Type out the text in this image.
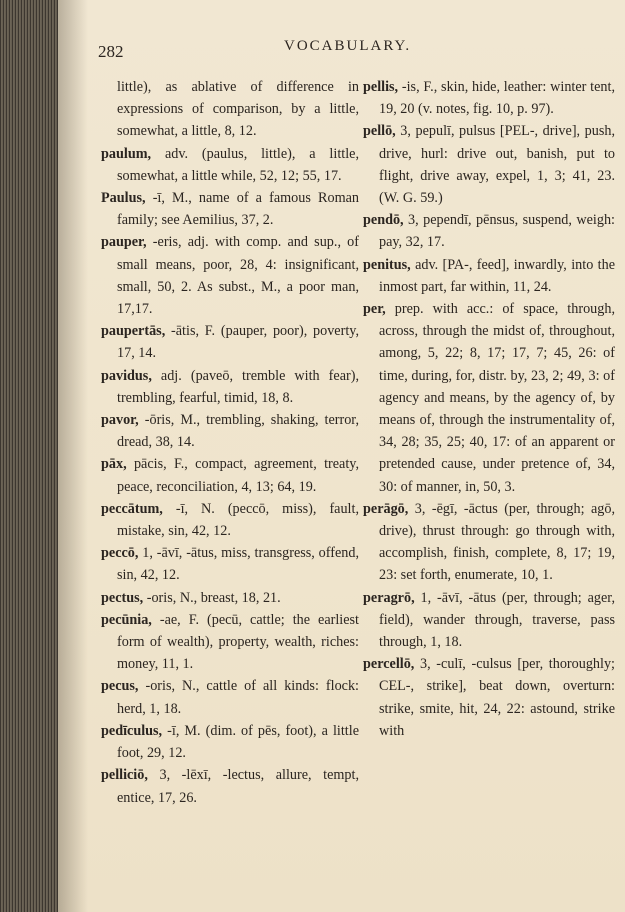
282	VOCABULARY.

little), as ablative of difference in expressions of comparison, by a little, somewhat, a little, 8, 12.

paulum, adv. (paulus, little), a little, somewhat, a little while, 52, 12; 55, 17.

Paulus, -ī, M., name of a famous Roman family; see Aemilius, 37, 2.

pauper, -eris, adj. with comp. and sup., of small means, poor, 28, 4: insignificant, small, 50, 2. As subst., M., a poor man, 17,17.

paupertās, -ātis, F. (pauper, poor), poverty, 17, 14.

pavidus, adj. (paveō, tremble with fear), trembling, fearful, timid, 18, 8.

pavor, -ōris, M., trembling, shaking, terror, dread, 38, 14.

pāx, pācis, F., compact, agreement, treaty, peace, reconciliation, 4, 13; 64, 19.

peccātum, -ī, N. (peccō, miss), fault, mistake, sin, 42, 12.

peccō, 1, -āvī, -ātus, miss, transgress, offend, sin, 42, 12.

pectus, -oris, N., breast, 18, 21.

pecūnia, -ae, F. (pecū, cattle; the earliest form of wealth), property, wealth, riches: money, 11, 1.

pecus, -oris, N., cattle of all kinds: flock: herd, 1, 18.

pedīculus, -ī, M. (dim. of pēs, foot), a little foot, 29, 12.

pelliciō, 3, -lēxī, -lectus, allure, tempt, entice, 17, 26.

pellis, -is, F., skin, hide, leather: winter tent, 19, 20 (v. notes, fig. 10, p. 97).

pellō, 3, pepulī, pulsus [PEL-, drive], push, drive, hurl: drive out, banish, put to flight, drive away, expel, 1, 3; 41, 23. (W. G. 59.)

pendō, 3, pependī, pēnsus, suspend, weigh: pay, 32, 17.

penitus, adv. [PA-, feed], inwardly, into the inmost part, far within, 11, 24.

per, prep. with acc.: of space, through, across, through the midst of, throughout, among, 5, 22; 8, 17; 17, 7; 45, 26: of time, during, for, distr. by, 23, 2; 49, 3: of agency and means, by the agency of, by means of, through the instrumentality of, 34, 28; 35, 25; 40, 17: of an apparent or pretended cause, under pretence of, 34, 30: of manner, in, 50, 3.

perāgō, 3, -ēgī, -āctus (per, through; agō, drive), thrust through: go through with, accomplish, finish, complete, 8, 17; 19, 23: set forth, enumerate, 10, 1.

peragrō, 1, -āvī, -ātus (per, through; ager, field), wander through, traverse, pass through, 1, 18.

percellō, 3, -culī, -culsus [per, thoroughly; CEL-, strike], beat down, overturn: strike, smite, hit, 24, 22: astound, strike with
